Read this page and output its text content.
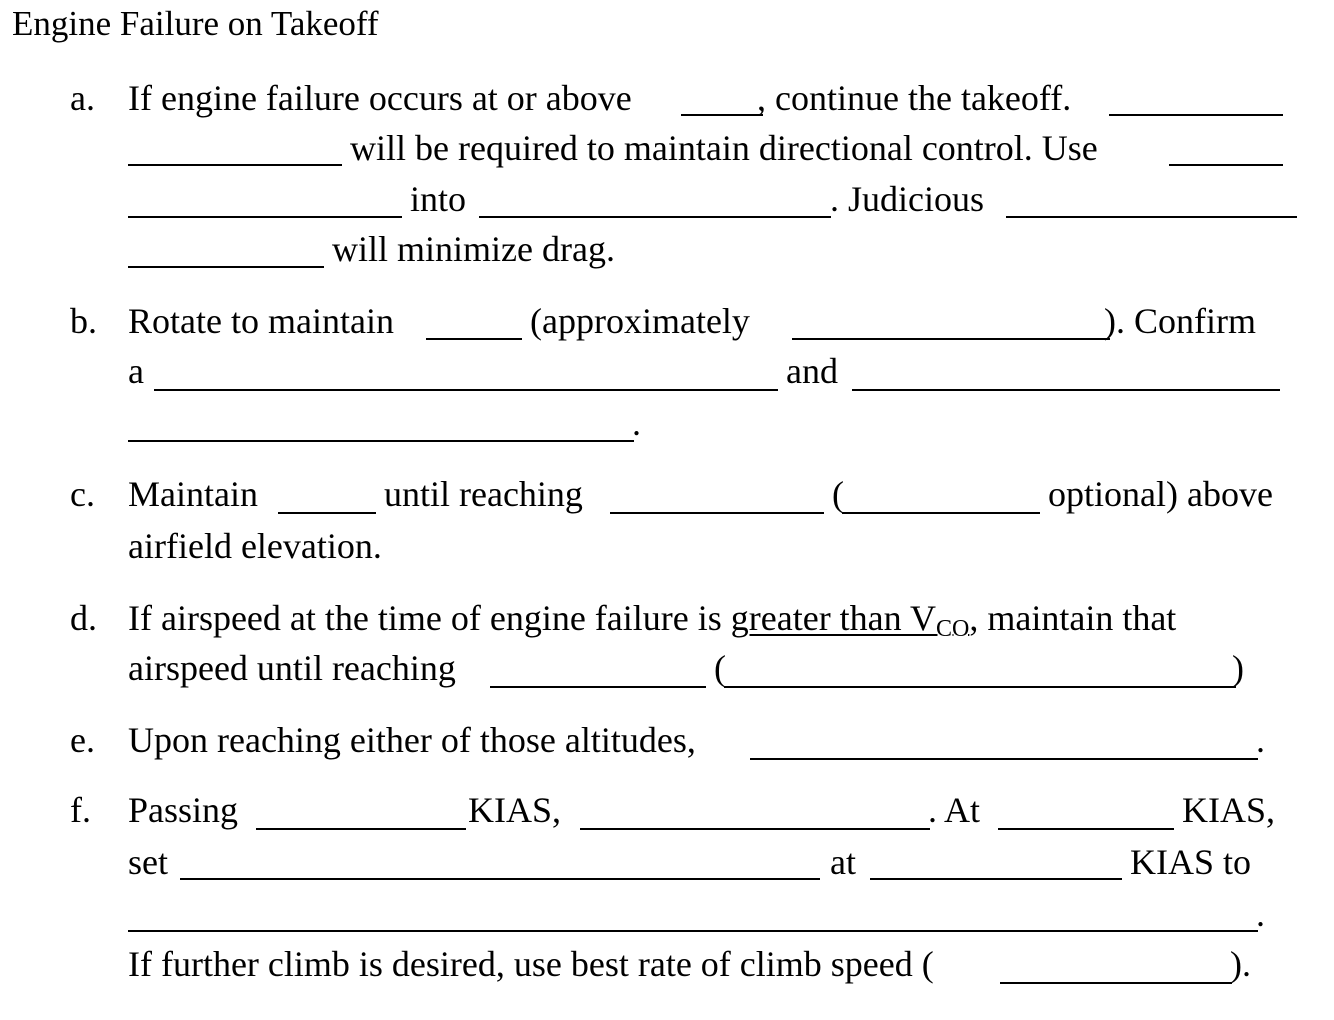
Engine Failure on Takeoff
a. If engine failure occurs at or above	, continue the takeoff.
will be required to maintain directional control. Use
into	. Judicious
will minimize drag.
b. Rotate to maintain	(approximately	). Confirm
a	and
.
c. Maintain	until reaching	(	optional) above
airfield elevation.
d. If airspeed at the time of engine failure is greater than $V_{CO}$, maintain that
airspeed until reaching	(	)
e. Upon reaching either of those altitudes,	.
f. Passing	KIAS,	. At	KIAS,
set	at	KIAS to
.
If further climb is desired, use best rate of climb speed (	).
